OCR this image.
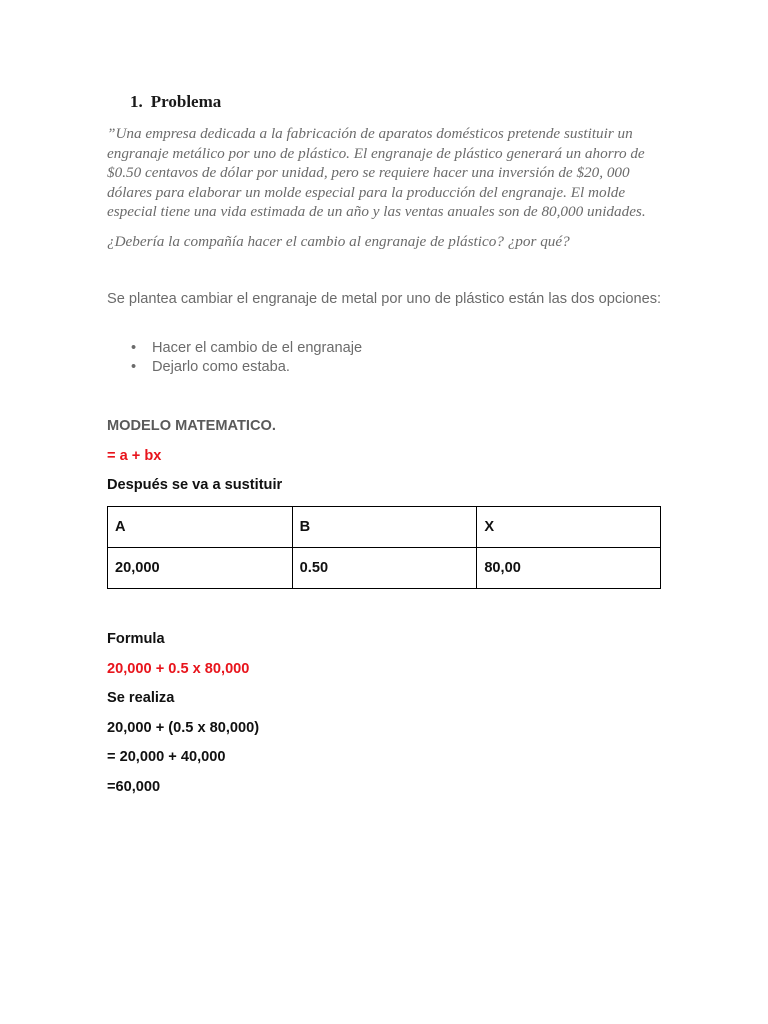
1. Problema

”Una empresa dedicada a la fabricación de aparatos domésticos pretende sustituir un engranaje metálico por uno de plástico. El engranaje de plástico generará un ahorro de $0.50 centavos de dólar por unidad, pero se requiere hacer una inversión de $20, 000 dólares para elaborar un molde especial para la producción del engranaje. El molde especial tiene una vida estimada de un año y las ventas anuales son de 80,000 unidades.

¿Debería la compañía hacer el cambio al engranaje de plástico? ¿por qué?

Se plantea cambiar el engranaje de metal por uno de plástico están las dos opciones:

• Hacer el cambio de el engranaje
• Dejarlo como estaba.

MODELO MATEMATICO.

= a + bx

Después se va a sustituir

A	B	X
20,000	0.50	80,00

Formula

20,000 + 0.5 x 80,000

Se realiza

20,000 + (0.5 x 80,000)

= 20,000 + 40,000

=60,000
